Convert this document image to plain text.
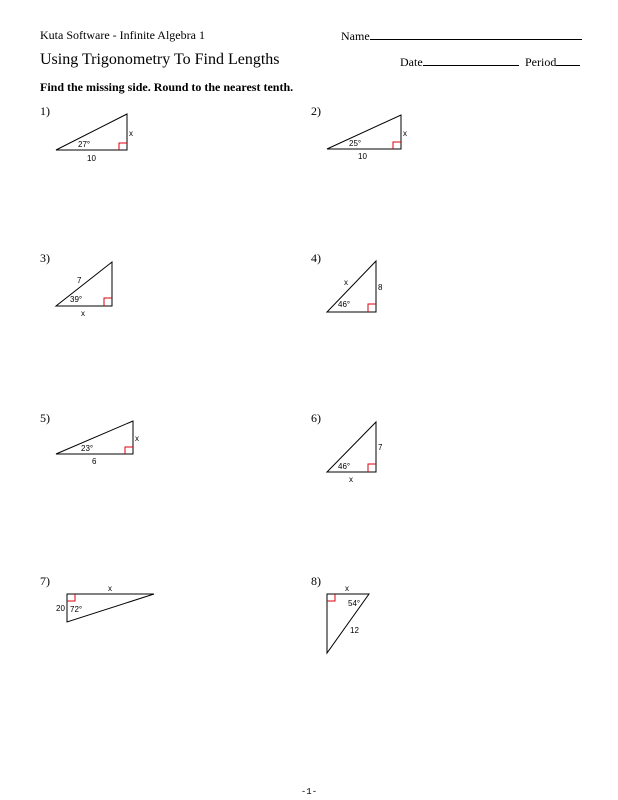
Kuta Software - Infinite Algebra 1	Name
Using Trigonometry To Find Lengths	Date	Period
Find the missing side. Round to the nearest tenth.
1)
27°
x
10
2)
25°
x
10
3)
7
39°
x
4)
x
8
46°
5)
23°
x
6
6)
7
46°
x
7)
x
20 72°
8)
x
54°
12
-1-
